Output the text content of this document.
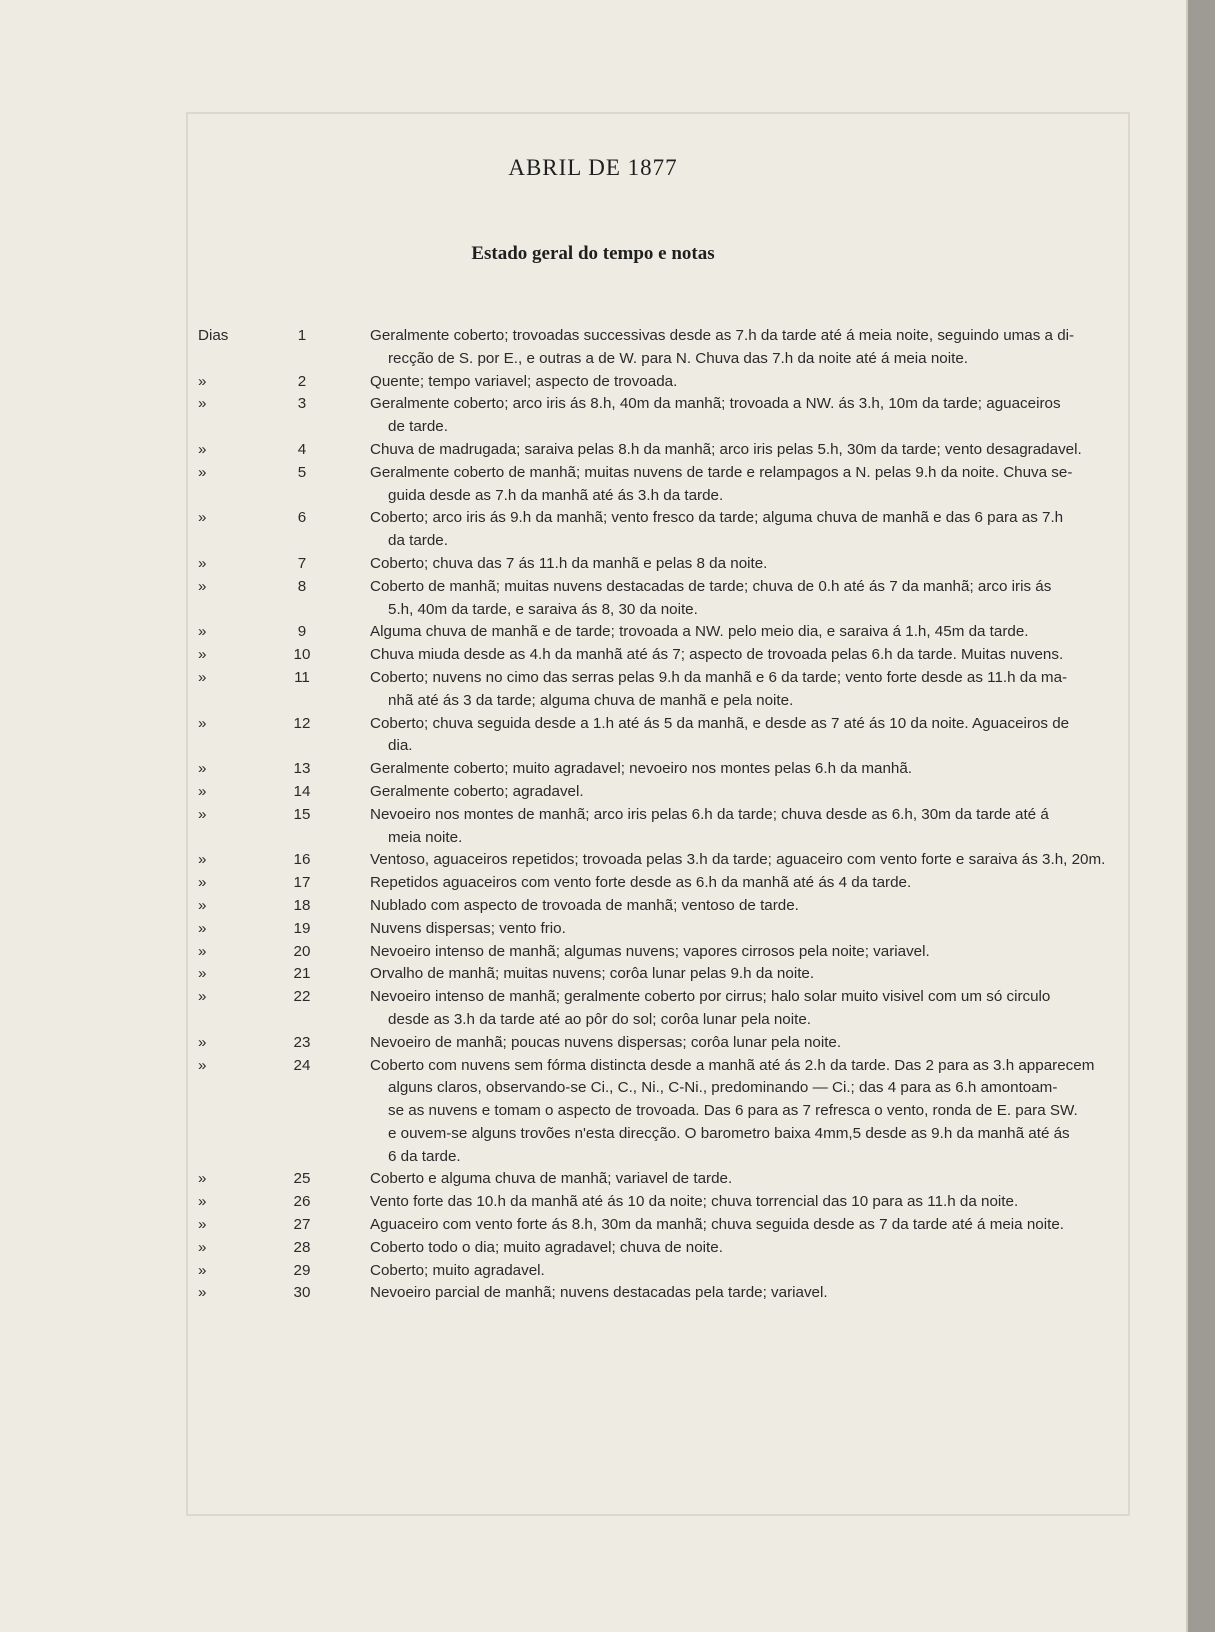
ABRIL DE 1877
Estado geral do tempo e notas
Dias	1		Geralmente coberto; trovoadas successivas desde as 7.h da tarde até á meia noite, seguindo umas a di-
recção de S. por E., e outras a de W. para N. Chuva das 7.h da noite até á meia noite.

»	2		Quente; tempo variavel; aspecto de trovoada.

»	3		Geralmente coberto; arco iris ás 8.h, 40m da manhã; trovoada a NW. ás 3.h, 10m da tarde; aguaceiros
de tarde.

»	4		Chuva de madrugada; saraiva pelas 8.h da manhã; arco iris pelas 5.h, 30m da tarde; vento desagradavel.

»	5		Geralmente coberto de manhã; muitas nuvens de tarde e relampagos a N. pelas 9.h da noite. Chuva se-
guida desde as 7.h da manhã até ás 3.h da tarde.

»	6		Coberto; arco iris ás 9.h da manhã; vento fresco da tarde; alguma chuva de manhã e das 6 para as 7.h
da tarde.

»	7		Coberto; chuva das 7 ás 11.h da manhã e pelas 8 da noite.

»	8		Coberto de manhã; muitas nuvens destacadas de tarde; chuva de 0.h até ás 7 da manhã; arco iris ás
5.h, 40m da tarde, e saraiva ás 8, 30 da noite.

»	9		Alguma chuva de manhã e de tarde; trovoada a NW. pelo meio dia, e saraiva á 1.h, 45m da tarde.

»	10		Chuva miuda desde as 4.h da manhã até ás 7; aspecto de trovoada pelas 6.h da tarde. Muitas nuvens.

»	11		Coberto; nuvens no cimo das serras pelas 9.h da manhã e 6 da tarde; vento forte desde as 11.h da ma-
nhã até ás 3 da tarde; alguma chuva de manhã e pela noite.

»	12		Coberto; chuva seguida desde a 1.h até ás 5 da manhã, e desde as 7 até ás 10 da noite. Aguaceiros de
dia.

»	13		Geralmente coberto; muito agradavel; nevoeiro nos montes pelas 6.h da manhã.

»	14		Geralmente coberto; agradavel.

»	15		Nevoeiro nos montes de manhã; arco iris pelas 6.h da tarde; chuva desde as 6.h, 30m da tarde até á
meia noite.

»	16		Ventoso, aguaceiros repetidos; trovoada pelas 3.h da tarde; aguaceiro com vento forte e saraiva ás 3.h, 20m.

»	17		Repetidos aguaceiros com vento forte desde as 6.h da manhã até ás 4 da tarde.

»	18		Nublado com aspecto de trovoada de manhã; ventoso de tarde.

»	19		Nuvens dispersas; vento frio.

»	20		Nevoeiro intenso de manhã; algumas nuvens; vapores cirrosos pela noite; variavel.

»	21		Orvalho de manhã; muitas nuvens; corôa lunar pelas 9.h da noite.

»	22		Nevoeiro intenso de manhã; geralmente coberto por cirrus; halo solar muito visivel com um só circulo
desde as 3.h da tarde até ao pôr do sol; corôa lunar pela noite.

»	23		Nevoeiro de manhã; poucas nuvens dispersas; corôa lunar pela noite.

»	24		Coberto com nuvens sem fórma distincta desde a manhã até ás 2.h da tarde. Das 2 para as 3.h apparecem
alguns claros, observando-se Ci., C., Ni., C-Ni., predominando — Ci.; das 4 para as 6.h amontoam-
se as nuvens e tomam o aspecto de trovoada. Das 6 para as 7 refresca o vento, ronda de E. para SW.
e ouvem-se alguns trovões n'esta direcção. O barometro baixa 4mm,5 desde as 9.h da manhã até ás
6 da tarde.

»	25		Coberto e alguma chuva de manhã; variavel de tarde.

»	26		Vento forte das 10.h da manhã até ás 10 da noite; chuva torrencial das 10 para as 11.h da noite.

»	27		Aguaceiro com vento forte ás 8.h, 30m da manhã; chuva seguida desde as 7 da tarde até á meia noite.

»	28		Coberto todo o dia; muito agradavel; chuva de noite.

»	29		Coberto; muito agradavel.

»	30		Nevoeiro parcial de manhã; nuvens destacadas pela tarde; variavel.
